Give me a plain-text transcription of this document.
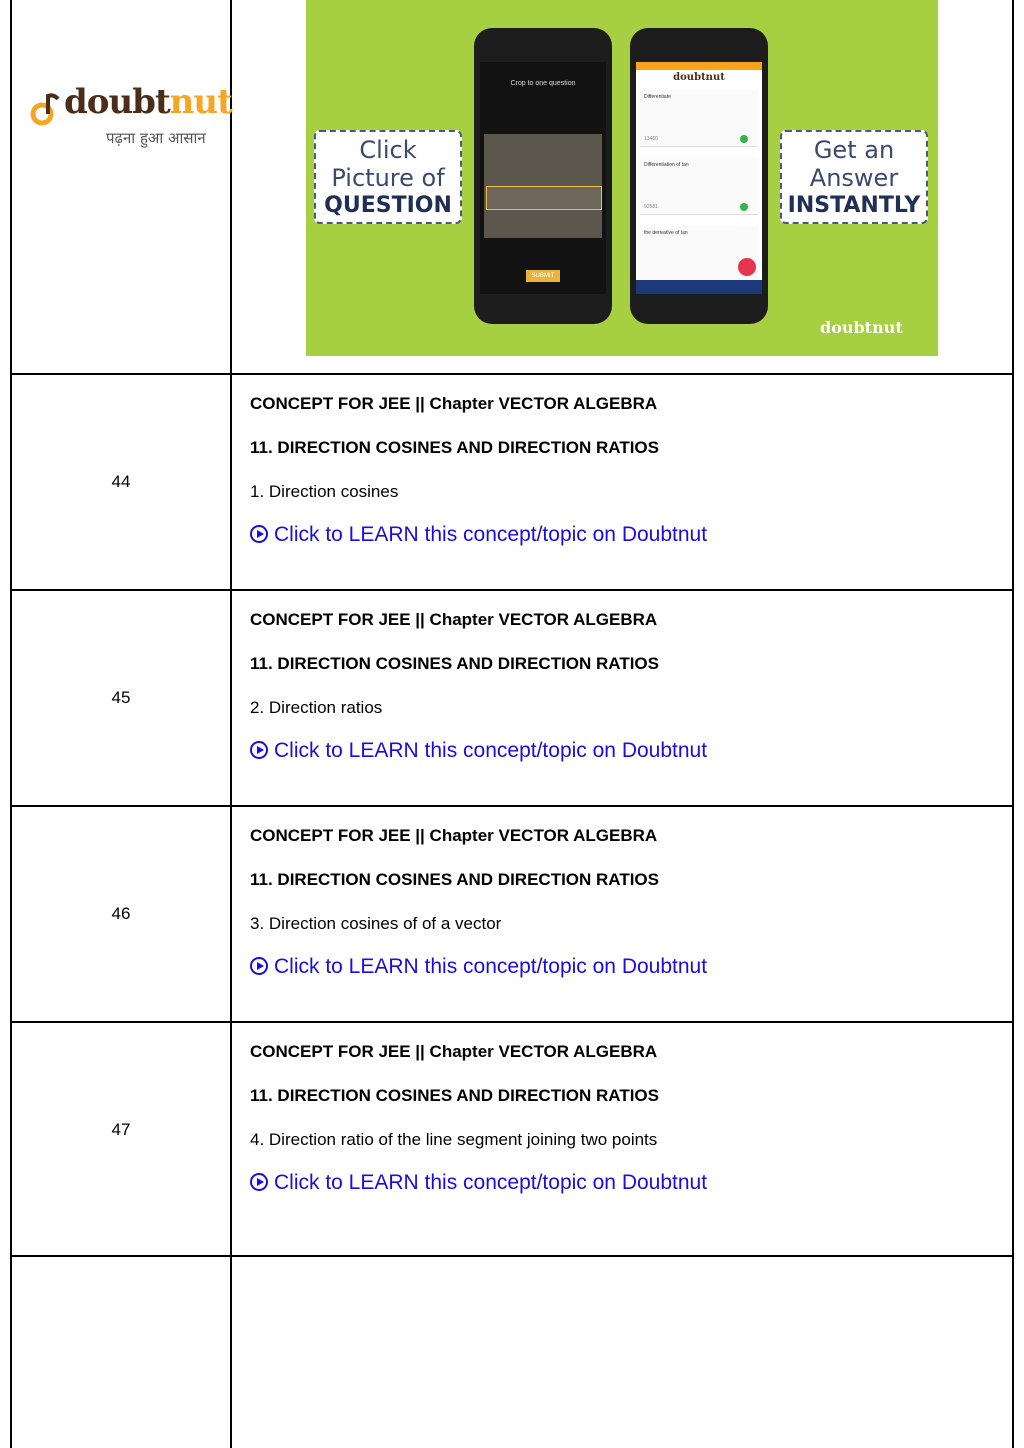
doubtnut
पढ़ना हुआ आसान	Click
Picture of
QUESTION
Crop to one question
SUBMIT
doubtnut
Differentiate
13460
Differentiation of tan
92581
the derivative of tan
Get an
Answer
INSTANTLY
doubtnut
44
CONCEPT FOR JEE || Chapter VECTOR ALGEBRA
11. DIRECTION COSINES AND DIRECTION RATIOS
1. Direction cosines
Click to LEARN this concept/topic on Doubtnut
45
CONCEPT FOR JEE || Chapter VECTOR ALGEBRA
11. DIRECTION COSINES AND DIRECTION RATIOS
2. Direction ratios
Click to LEARN this concept/topic on Doubtnut
46
CONCEPT FOR JEE || Chapter VECTOR ALGEBRA
11. DIRECTION COSINES AND DIRECTION RATIOS
3. Direction cosines of of a vector
Click to LEARN this concept/topic on Doubtnut
47
CONCEPT FOR JEE || Chapter VECTOR ALGEBRA
11. DIRECTION COSINES AND DIRECTION RATIOS
4. Direction ratio of the line segment joining two points
Click to LEARN this concept/topic on Doubtnut
